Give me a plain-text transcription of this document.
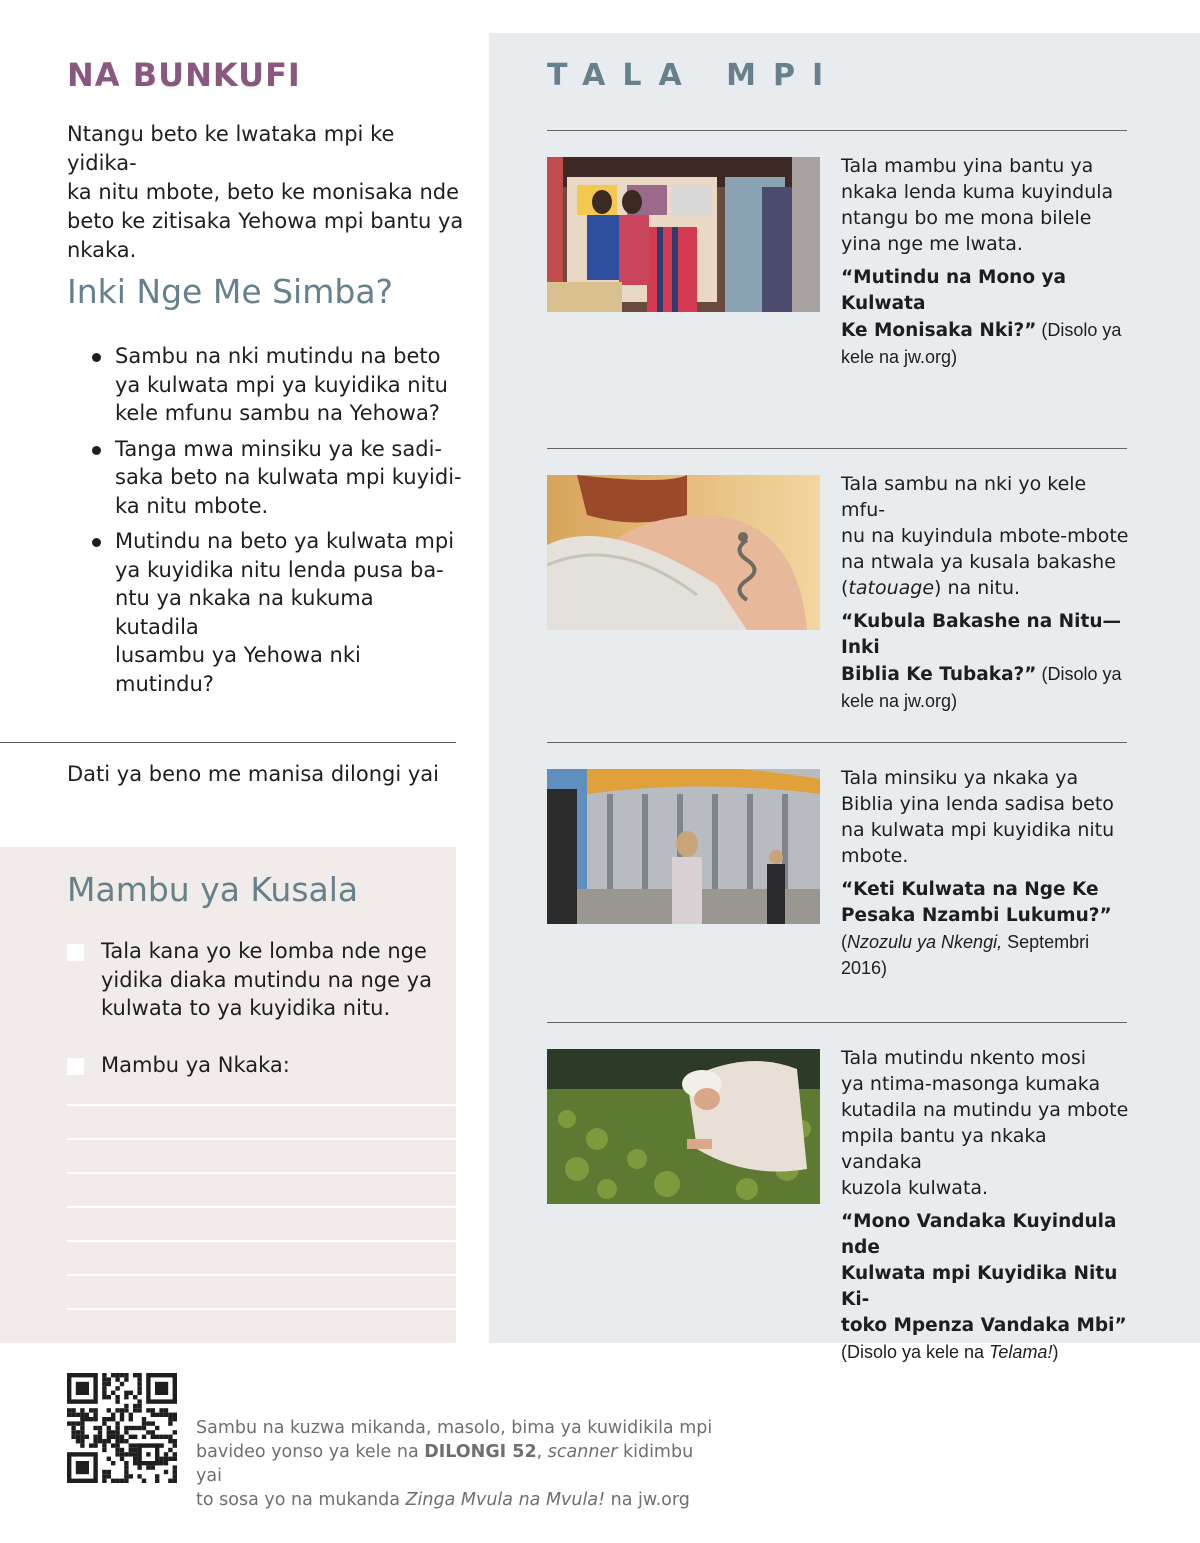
NA BUNKUFI
Ntangu beto ke lwataka mpi ke yidika-
ka nitu mbote, beto ke monisaka nde
beto ke zitisaka Yehowa mpi bantu ya
nkaka.
Inki Nge Me Simba?
Sambu na nki mutindu na beto
ya kulwata mpi ya kuyidika nitu
kele mfunu sambu na Yehowa?
Tanga mwa minsiku ya ke sadi-
saka beto na kulwata mpi kuyidi-
ka nitu mbote.
Mutindu na beto ya kulwata mpi
ya kuyidika nitu lenda pusa ba-
ntu ya nkaka na kukuma kutadila
lusambu ya Yehowa nki mutindu?
Dati ya beno me manisa dilongi yai
Mambu ya Kusala
Tala kana yo ke lomba nde nge
yidika diaka mutindu na nge ya
kulwata to ya kuyidika nitu.
Mambu ya Nkaka:
TALA MPI
Tala mambu yina bantu ya
nkaka lenda kuma kuyindula
ntangu bo me mona bilele
yina nge me lwata.
“Mutindu na Mono ya Kulwata
Ke Monisaka Nki?” (Disolo ya
kele na jw.org)
Tala sambu na nki yo kele mfu-
nu na kuyindula mbote-mbote
na ntwala ya kusala bakashe
(tatouage) na nitu.
“Kubula Bakashe na Nitu—Inki
Biblia Ke Tubaka?” (Disolo ya
kele na jw.org)
Tala minsiku ya nkaka ya
Biblia yina lenda sadisa beto
na kulwata mpi kuyidika nitu
mbote.
“Keti Kulwata na Nge Ke
Pesaka Nzambi Lukumu?”
(Nzozulu ya Nkengi, Septembri
2016)
Tala mutindu nkento mosi
ya ntima-masonga kumaka
kutadila na mutindu ya mbote
mpila bantu ya nkaka vandaka
kuzola kulwata.
“Mono Vandaka Kuyindula nde
Kulwata mpi Kuyidika Nitu Ki-
toko Mpenza Vandaka Mbi”
(Disolo ya kele na Telama!)
Sambu na kuzwa mikanda, masolo, bima ya kuwidikila mpi
bavideo yonso ya kele na DILONGI 52, scanner kidimbu yai
to sosa yo na mukanda Zinga Mvula na Mvula! na jw.org
